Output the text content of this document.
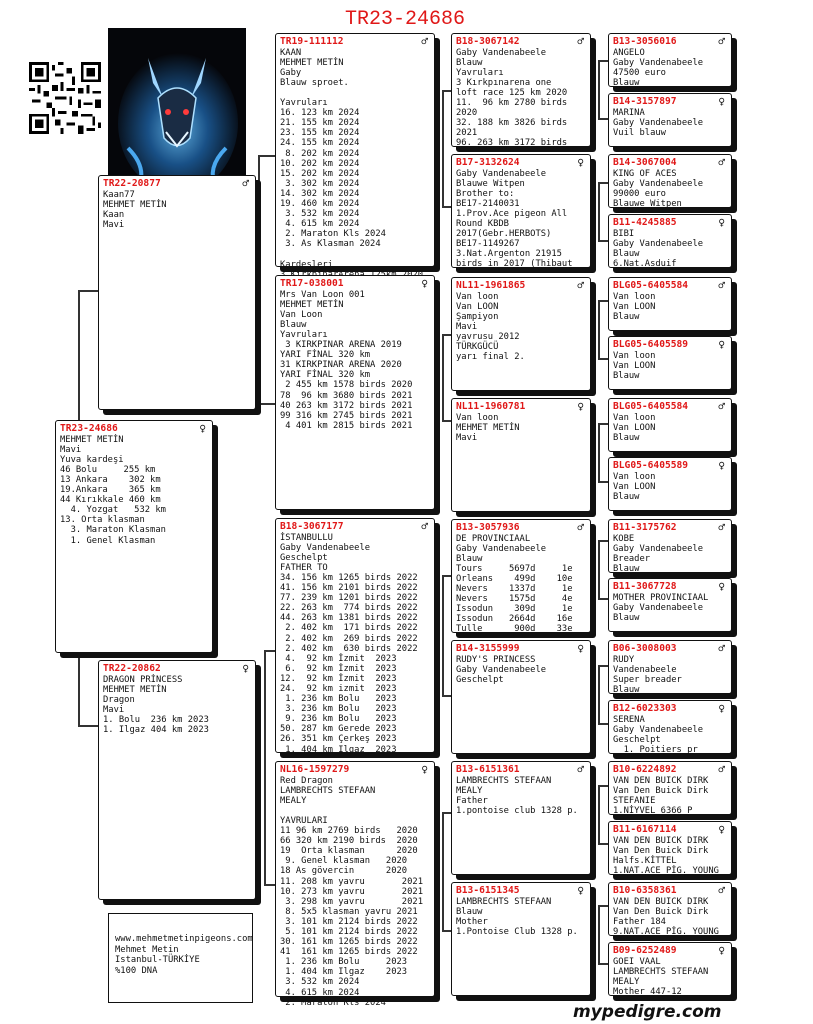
TR23-24686
TR23-24686	♀
MEHMET METİN
Mavi
Yuva kardeşi
46 Bolu     255 km
13 Ankara    302 km
19.Ankara    365 km
44 Kırıkkale 460 km
4. Yozgat   532 km
13. Orta klasman
3. Maraton Klasman
1. Genel Klasman
TR22-20877	♂
Kaan77
MEHMET METİN
Kaan
Mavi
TR22-20862	♀
DRAGON PRİNCESS
MEHMET METİN
Dragon
Mavi
1. Bolu  236 km 2023
1. Ilgaz 404 km 2023
TR19-111112	♂
KAAN
MEHMET METİN
Gaby
Blauw sproet.

Yavruları
16. 123 km 2024
21. 155 km 2024
23. 155 km 2024
24. 155 km 2024
8. 202 km 2024
10. 202 km 2024
15. 202 km 2024
3. 302 km 2024
14. 302 km 2024
19. 460 km 2024
3. 532 km 2024
4. 615 km 2024
2. Maraton Kls 2024
3. As Klasman 2024

Kardeşleri
TR17-038001	♀
Mrs Van Loon 001
MEHMET METİN
Van Loon
Blauw
Yavruları
3 KIRKPINAR ARENA 2019
YARI FİNAL 320 km
31 KIRKPINAR ARENA 2020
YARI FİNAL 320 km
2 455 km 1578 birds 2020
78  96 km 3680 birds 2021
40 263 km 3172 birds 2021
99 316 km 2745 birds 2021
4 401 km 2815 birds 2021
B18-3067177	♂
İSTANBULLU
Gaby Vandenabeele
Geschelpt
FATHER TO
34. 156 km 1265 birds 2022
41. 156 km 2101 birds 2022
77. 239 km 1201 birds 2022
22. 263 km  774 birds 2022
44. 263 km 1381 birds 2022
2. 402 km  171 birds 2022
2. 402 km  269 birds 2022
2. 402 km  630 birds 2022
4.  92 km İzmit  2023
6.  92 km İzmit  2023
12.  92 km İzmit  2023
24.  92 km izmit  2023
1. 236 km Bolu   2023
3. 236 km Bolu   2023
9. 236 km Bolu   2023
50. 287 km Gerede 2023
26. 351 km Çerkeş 2023
1. 404 km Ilgaz  2023
NL16-1597279	♀
Red Dragon
LAMBRECHTS STEFAAN
MEALY

YAVRULARI
11 96 km 2769 birds   2020
66 320 km 2190 birds  2020
19  Orta klasman      2020
9. Genel klasman   2020
18 As gövercin      2020
11. 208 km yavru       2021
10. 273 km yavru       2021
3. 298 km yavru       2021
8. 5x5 klasman yavru 2021
3. 101 km 2124 birds 2022
5. 101 km 2124 birds 2022
30. 161 km 1265 birds 2022
41  161 km 1265 birds 2022
1. 236 km Bolu     2023
1. 404 km Ilgaz    2023
3. 532 km 2024
4. 615 km 2024
2. Maraton Kls 2024
B18-3067142	♂
Gaby Vandenabeele
Blauw
Yavruları
3 Kırkpınarena one
loft race 125 km 2020
11.  96 km 2780 birds
2020
32. 188 km 3826 birds
2021
96. 263 km 3172 birds
B17-3132624	♀
Gaby Vandenabeele
Blauwe Witpen
Brother to:
BE17-2140031
1.Prov.Ace pigeon All
Round KBDB
2017(Gebr.HERBOTS)
BE17-1149267
3.Nat.Argenton 21915
birds in 2017 (Thibaut
NL11-1961865	♂
Van loon
Van LOON
Şampiyon
Mavi
yavrusu 2012
TÜRKGÜCÜ
yarı final 2.
NL11-1960781	♀
Van loon
MEHMET METİN
Mavi
B13-3057936	♂
DE PROVINCIAAL
Gaby Vandenabeele
Blauw
Tours     5697d     1e
Orleans    499d    10e
Nevers    1337d     1e
Nevers    1575d     4e
Issodun    309d     1e
Issodun   2664d    16e
Tulle      900d    33e
B14-3155999	♀
RUDY'S PRINCESS
Gaby Vandenabeele
Geschelpt
B13-6151361	♂
LAMBRECHTS STEFAAN
MEALY
Father
1.pontoise club 1328 p.
B13-6151345	♀
LAMBRECHTS STEFAAN
Blauw
Mother
1.Pontoise Club 1328 p.
B13-3056016	♂
ANGELO
Gaby Vandenabeele
47500 euro
Blauw
B14-3157897	♀
MARINA
Gaby Vandenabeele
Vuil blauw
B14-3067004	♂
KING OF ACES
Gaby Vandenabeele
99000 euro
Blauwe Witpen
B11-4245885	♀
BIBI
Gaby Vandenabeele
Blauw
6.Nat.Asduif
BLG05-6405584	♂
Van loon
Van LOON
Blauw
BLG05-6405589	♀
Van loon
Van LOON
Blauw
BLG05-6405584	♂
Van loon
Van LOON
Blauw
BLG05-6405589	♀
Van loon
Van LOON
Blauw
B11-3175762	♂
KOBE
Gaby Vandenabeele
Breader
Blauw
B11-3067728	♀
MOTHER PROVINCIAAL
Gaby Vandenabeele
Blauw
B06-3008003	♂
RUDY
Vandenabeele
Super breader
Blauw
B12-6023303	♀
SERENA
Gaby Vandenabeele
Geschelpt
1. Poitiers pr
B10-6224892	♂
VAN DEN BUICK DIRK
Van Den Buick Dirk
STEFANIE
1.NİYVEL 6366 P
B11-6167114	♀
VAN DEN BUICK DIRK
Van Den Buick Dirk
Halfs.KİTTEL
1.NAT.ACE PİG. YOUNG
B10-6358361	♂
VAN DEN BUICK DIRK
Van Den Buick Dirk
Father 184
9.NAT.ACE PİG. YOUNG
B09-6252489	♀
GOEI VAAL
LAMBRECHTS STEFAAN
MEALY
Mother 447-12
www.mehmetmetinpigeons.com
Mehmet Metin
Istanbul-TÜRKİYE
%100 DNA
mypedigre.com
